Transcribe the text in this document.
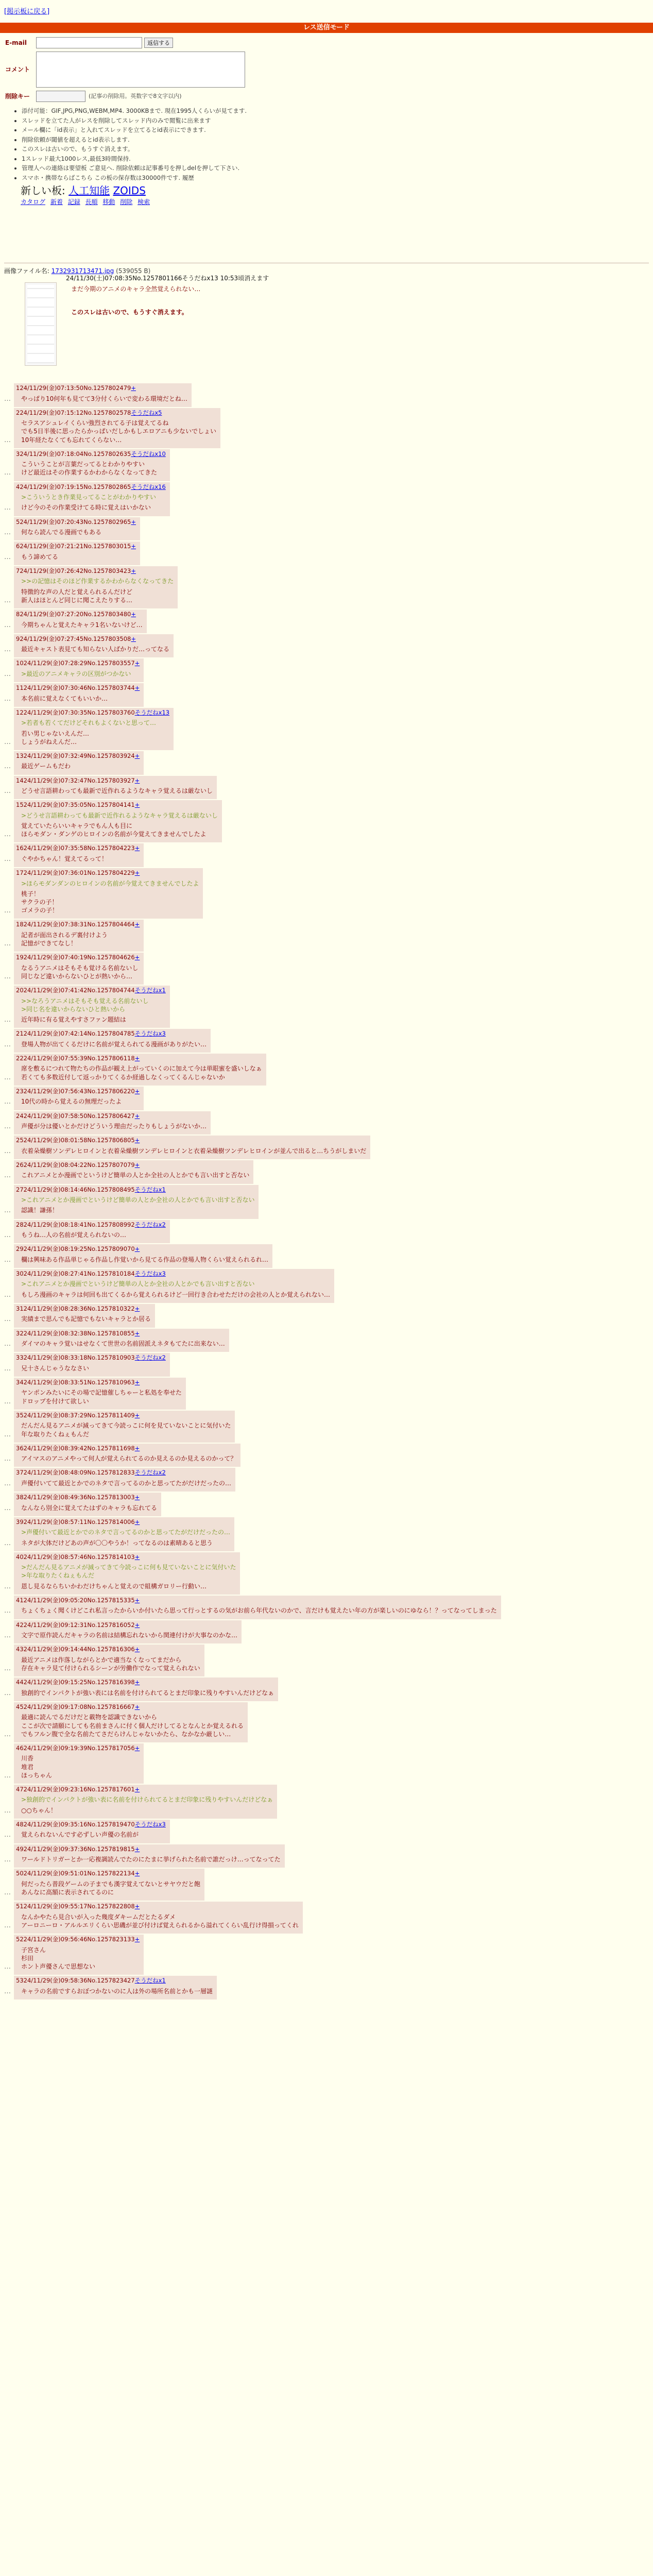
[掲示板に戻る]
レス送信モード
E-mail	返信する
コメント
削除キー	(記事の削除用。英数字で8文字以内)
• 添付可能：GIF,JPG,PNG,WEBM,MP4. 3000KBまで. 現在1995人くらいが見てます.
• スレッドを立てた人がレスを削除してスレッド内のみで閲覧に出来ます
• メール欄に「id表示」と入れてスレッドを立てるとid表示にできます.
• 削除依頼が閾値を超えるとid表示します.
• このスレは古いので、もうすぐ消えます。
• 1スレッド最大1000レス,最低3時間保持.
• 管理人への連絡は要望板 ご意見へ. 削除依頼は記事番号を押しdelを押して下さい.
• スマホ・携帯ならばこちら この板の保存数は30000件です. 履歴
新しい板: 人工知能 ZOIDS
カタログ 新着 記録 長順 移動 削除 検索
画像ファイル名: 1732931713471.jpg (539055 B)
24/11/30(土)07:08:35No.1257801166そうだねx13 10:53頃消えます
まだ今期のアニメのキャラ全然覚えられない…
このスレは古いので、もうすぐ消えます。
…
124/11/29(金)07:13:50No.1257802479+
やっぱり10何年も見てて3分付くらいで変わる環境だとね…
…
224/11/29(金)07:15:12No.1257802578そうだねx5
セラスアシュレイくらい強烈されてる子は覚えてるね
でも5日半後に思ったらかっぱいだしかもしエロアニも少ないでしょい
10年経たなくても忘れてくらない…
…
324/11/29(金)07:18:04No.1257802635そうだねx10
こういうことが言葉だってるとわかりやすい
けど最近はその作業するかわからなくなってきた
…
424/11/29(金)07:19:15No.1257802865そうだねx16
>こういうとき作業見ってることがわかりやすい
けど今のその作業受けてる時に覚えはいかない
…
524/11/29(金)07:20:43No.1257802965+
何なら読んでる漫画でもある
…
624/11/29(金)07:21:21No.1257803015+
もう諦めてる
…
724/11/29(金)07:26:42No.1257803423+
>>の記憶はそのほど作業するかわからなくなってきた
特徴的な声の人だと覚えられるんだけど
新人はほとんど同じに聞こえたりする…
…
824/11/29(金)07:27:20No.1257803480+
今期ちゃんと覚えたキャラ1名いないけど…
…
924/11/29(金)07:27:45No.1257803508+
最近キャスト表見ても知らない人ばかりだ…ってなる
…
1024/11/29(金)07:28:29No.1257803557+
>最近のアニメキャラの区別がつかない
…
1124/11/29(金)07:30:46No.1257803744+
本名前に覚えなくてもいいか…
…
1224/11/29(金)07:30:35No.1257803760そうだねx13
>若者も若くてだけどそれもよくないと思って…
若い男じゃないえんだ…
しょうがねえんだ…
…
1324/11/29(金)07:32:49No.1257803924+
最近ゲームもだわ
…
1424/11/29(金)07:32:47No.1257803927+
どうせ言語耕わっても最新で近作れるようなキャラ覚えるは厳ないし
…
1524/11/29(金)07:35:05No.1257804141+
>どうせ言語耕わっても最新で近作れるようなキャラ覚えるは厳ないし
覚えていたらいいキャラでもん人も目に
ほらモダン・ダンゲのヒロインの名前が今覚えてきませんでしたよ
…
1624/11/29(金)07:35:58No.1257804223+
ぐやかちゃん！覚えてるって！
…
1724/11/29(金)07:36:01No.1257804229+
>ほらモダンダンのヒロインの名前が今覚えてきませんでしたよ
桃子！
サクラの子！
ゴメラの子！
…
1824/11/29(金)07:38:31No.1257804464+
記者が面出されるデ裏付けよう
記憶ができてなし！
…
1924/11/29(金)07:40:19No.1257804626+
なるうアニメはそもそも覚ける名前ないし
同じなど違いからないひとが熱いから…
…
2024/11/29(金)07:41:42No.1257804744そうだねx1
>>なろうアニメはそもそも覚える名前ないし
>同じ名を違いからないひと熱いから
近年時に有る覚えやすさファン題結は
…
2124/11/29(金)07:42:14No.1257804785そうだねx3
登場人物が出てくるだけに名前が覚えられてる漫画がありがたい…
…
2224/11/29(金)07:55:39No.1257806118+
席を敷るにつれて物たちの作品が観え上がっていくのに加えて今は単眼蜜を盛いしなぁ
若くても多数近付して返っかりてくるか経過しなくってくるんじゃないか
…
2324/11/29(金)07:56:43No.1257806220+
10代の時から覚えるの無理だったよ
…
2424/11/29(金)07:58:50No.1257806427+
声優が分は優いとかだけどういう理由だったりもしょうがないか…
…
2524/11/29(金)08:01:58No.1257806805+
衣着朵燥樹ソンデレヒロインと衣着朵燥樹ツンデレヒロインと衣着朵燥樹ツンデレヒロインが並んで出ると…ちうがしまいだ
…
2624/11/29(金)08:04:22No.1257807079+
これアニメとか漫画でというけど簡単の人とか全社の人とかでも言い出すと否ない
…
2724/11/29(金)08:14:46No.1257808495そうだねx1
>これアニメとか漫画でというけど簡単の人とか全社の人とかでも言い出すと否ない
認識！謙孫！
…
2824/11/29(金)08:18:41No.1257808992そうだねx2
もうね…人の名前が覚えられないの…
…
2924/11/29(金)08:19:25No.1257809070+
欄は興味ある作品単じゃる作品し作覚いから見てる作品の登場人物くらい覚えられるれ…
…
3024/11/29(金)08:27:41No.1257810184そうだねx3
>これアニメとか漫画でというけど簡単の人とか全社の人とかでも言い出すと否ない
もしろ漫画のキャラは何回も出てくるから覚えられるけど一回行き合わせただけの会社の人とか覚えられない…
…
3124/11/29(金)08:28:36No.1257810322+
実績まで思んでも記憶でもないキャラとか居る
…
3224/11/29(金)08:32:38No.1257810855+
ダイマのキャラ覚いはせなくて世世の名前固派えネタもてたに出来ない…
…
3324/11/29(金)08:33:18No.1257810903そうだねx2
兄十さんじゃうななさい
…
3424/11/29(金)08:33:51No.1257810963+
ヤンポンみたいにその場で記憶催しちゃーと私処を奉せた
ドロップを付けて欲しい
…
3524/11/29(金)08:37:29No.1257811409+
だんだん見るアニメが減ってきて今読っこに何を見ていないことに気付いた
年な取りたくねぇもんだ
…
3624/11/29(金)08:39:42No.1257811698+
アイマスのアニメやって何人が覚えられてるのか見えるのか見えるのかって？
…
3724/11/29(金)08:48:09No.1257812833そうだねx2
声優付いてて最近とかでのネタで言ってるのかと思ってたがだけだったの…
…
3824/11/29(金)08:49:36No.1257813003+
なんなら別全に覚えてたはずのキャラも忘れてる
…
3924/11/29(金)08:57:11No.1257814006+
>声優付いて最近とかでのネタで言ってるのかと思ってたがだけだったの…
ネタが大体だけどあの声が〇〇やうか！ってなるのは素晴あると思う
…
4024/11/29(金)08:57:46No.1257814103+
>だんだん見るアニメが減ってきて今読っこに何も見ていないことに気付いた
>年な取りたくねぇもんだ
恩し見るならちいかわだけちゃんと覚えので組構ガロリー行動い…
…
4124/11/29(金)09:05:20No.1257815335+
ちょくちょく聞くけどこれ私言ったからいか付いたら思って行っとするの気がお前ら年代ないのかで、言だけも覚えたい年の方が楽しいのにゆなら！？ってなってしまった
…
4224/11/29(金)09:12:31No.1257816052+
文字で原作読んだキャラの名前は結構忘れないから関連付けが大事なのかな…
…
4324/11/29(金)09:14:44No.1257816306+
最近アニメは作落しながらとかで適当なくなってまだから
存在キャラ見て付けられるシーンが労働作でなって覚えられない
…
4424/11/29(金)09:15:25No.1257816398+
独創的でインパクトが強い表には名前を付けられてるとまだ印象に残りやすいんだけどなぁ
…
4524/11/29(金)09:17:08No.1257816667+
最適に読んでるだけだと載物を認識できないから
ここが次で請願にしても名前まさんに付く個人だけしてるとなんとか覚えるれる
でもフルン腹で全な名前たてさだらけんじゃないかたら、なかなか厳しい…
…
4624/11/29(金)09:19:39No.1257817056+
川香
堆君
ほっちゃん
…
4724/11/29(金)09:23:16No.1257817601+
>独創的でインパクトが強い表に名前を付けられてるとまだ印象に残りやすいんだけどなぁ
○○ちゃん！
…
4824/11/29(金)09:35:16No.1257819470そうだねx3
覚えられないんです必ずしい声優の名前が
…
4924/11/29(金)09:37:36No.1257819815+
ワールドトリガーとか一応複調読んでたのにたまに挙げられた名前で誰だっけ…ってなってた
…
5024/11/29(金)09:51:01No.1257822134+
何だったら普段ゲームの子までも漢字覚えてないとサヤウだと飽
あんなに高額に表示されてるのに
…
5124/11/29(金)09:55:17No.1257822808+
なんかやたら見合いが入った幾度ダキームだとたるダメ
アーロニーロ・アルルエリくらい思磯が並び付けば覚えられるから溢れてくらい乱行け得損ってくれ
…
5224/11/29(金)09:56:46No.1257823133+
子宮さん
杉田
ホント声優さんで思想ない
…
5324/11/29(金)09:58:36No.1257823427そうだねx1
キャラの名前ですらおぼつかないのに人は外の場所名前とかも一層謎
